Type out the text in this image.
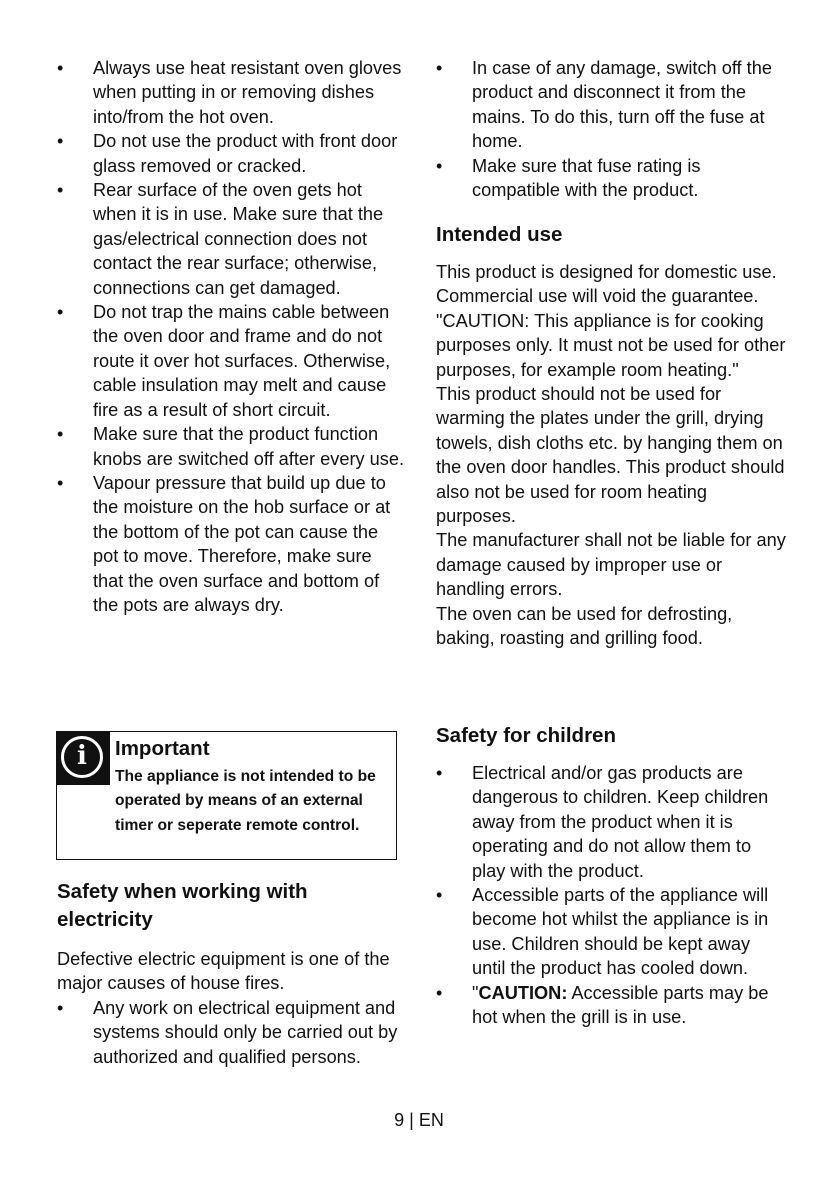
• Always use heat resistant oven gloves when putting in or removing dishes into/from the hot oven.
• Do not use the product with front door glass removed or cracked.
• Rear surface of the oven gets hot when it is in use. Make sure that the gas/electrical connection does not contact the rear surface; otherwise, connections can get damaged.
• Do not trap the mains cable between the oven door and frame and do not route it over hot surfaces. Otherwise, cable insulation may melt and cause fire as a result of short circuit.
• Make sure that the product function knobs are switched off after every use.
• Vapour pressure that build up due to the moisture on the hob surface or at the bottom of the pot can cause the pot to move. Therefore, make sure that the oven surface and bottom of the pots are always dry.
i	Important
The appliance is not intended to be operated by means of an external timer or seperate remote control.
Safety when working with electricity

Defective electric equipment is one of the major causes of house fires.

• Any work on electrical equipment and systems should only be carried out by authorized and qualified persons.
• In case of any damage, switch off the product and disconnect it from the mains. To do this, turn off the fuse at home.
• Make sure that fuse rating is compatible with the product.
Intended use

This product is designed for domestic use. Commercial use will void the guarantee.

"CAUTION: This appliance is for cooking purposes only. It must not be used for other purposes, for example room heating."

This product should not be used for warming the plates under the grill, drying towels, dish cloths etc. by hanging them on the oven door handles. This product should also not be used for room heating purposes.

The manufacturer shall not be liable for any damage caused by improper use or handling errors.

The oven can be used for defrosting, baking, roasting and grilling food.

Safety for children
• Electrical and/or gas products are dangerous to children. Keep children away from the product when it is operating and do not allow them to play with the product.
• Accessible parts of the appliance will become hot whilst the appliance is in use. Children should be kept away until the product has cooled down.
• "CAUTION: Accessible parts may be hot when the grill is in use.
9 | EN
